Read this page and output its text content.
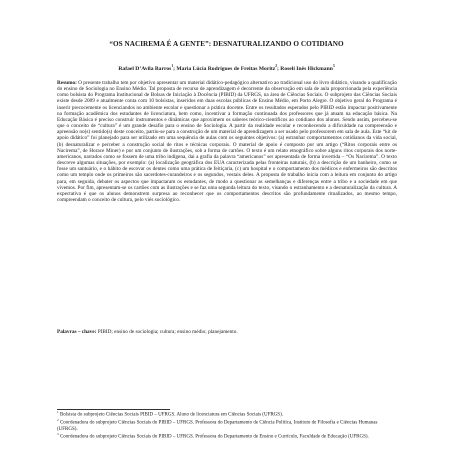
“OS NACIREMA É A GENTE”: DESNATURALIZANDO O COTIDIANO
Rafael D’Avila Barros$^1$; Maria Lúcia Rodrigues de Freitas Moritz$^2$; Roseli Inês Hickmann$^3$
Resumo: O presente trabalho tem por objetivo apresentar um material didático-pedagógico alternativo ao tradicional uso do livro didático, visando a qualificação do ensino de Sociologia no Ensino Médio. Tal proposta de recurso de aprendizagem é decorrente da observação em sala de aula proporcionada pela experiência como bolsista do Programa Institucional de Bolsas de Iniciação à Docência (PIBID) da UFRGS, na área de Ciências Sociais. O subprojeto das Ciências Sociais existe desde 2009 e atualmente conta com 10 bolsistas, inseridos em duas escolas públicas de Ensino Médio, em Porto Alegre. O objetivo geral do Programa é inserir precocemente os licenciandos no ambiente escolar e questionar a prática docente. Entre os resultados esperados pelo PIBID estão impactar positivamente na formação acadêmica dos estudantes de licenciatura, bem como, incentivar a formação continuada dos professores que já atuam na educação básica. Na Educação Básica é preciso construir instrumentos e dinâmicas que aproximem os saberes teórico-científicos ao cotidiano dos alunos. Sendo assim, percebeu-se que o conceito de “cultura” é um grande desafio para o ensino de Sociologia. A partir da realidade escolar e reconhecendo a dificuldade na compreensão e apreensão no(s) sentido(s) deste conceito, partiu-se para a construção de um material de aprendizagem a ser usado pelo professorem em sala de aula. Este “kit de apoio didático” foi planejado para ser utilizado em uma sequência de aulas com os seguintes objetivos: (a) estranhar comportamentos cotidianos da vida social, (b) desnaturalizar e perceber a construção social de ritos e técnicas corporais. O material de apoio é composto por um artigo (“Ritos corporais entre os Nacirema”, de Horace Miner) e por um conjunto de ilustrações, sob a forma de cartões. O texto é um relato etnográfico sobre alguns ritos corporais dos norte-americanos, narrados como se fossem de uma tribo indígena, dai a grafia da palavra “americanos” ser apresentada de forma invertida – “Os Nacirema”. O texto descreve algumas situações, por exemplo: (a) localização geográfica dos EUA caracterizada pelas fronteiras naturais, (b) a descrição de um banheiro, como se fosse um santuário, e o hábito de escovar os dentes como uma prática de feitiçaria, (c) um hospital e o comportamento dos médicos e enfermeiros são descritos como um templo onde os primeiros são sacerdotes-curandeiros e os segundos, vestais deles. A proposta de trabalho inicia com a leitura em conjunto do artigo para, em seguida, debater os aspectos que impactaram os estudantes, de modo a questionar as semelhanças e diferenças entre a tribo e a sociedade em que vivemos. Por fim, apresentam-se os cartões com as ilustrações e se faz uma segunda leitura do texto, visando o estranhamento e a desnaturalização da cultura. A expectativa é que os alunos demonstrem surpresa ao reconhecer que os comportamentos descritos são profundamente ritualizados, ao mesmo tempo, compreendam o conceito de cultura, pelo viés sociológico.
Palavras – chave: PIBID; ensino de sociologia; cultura; ensino médio; planejamento.

$^1$ Bolsista do subprojeto Ciências Sociais PIBID – UFRGS. Aluno de licenciatura em Ciências Sociais (UFRGS).

$^2$ Coordenadora do subprojeto Ciências Sociais do PIBID – UFRGS. Professora do Departamento de Ciência Política, Instituto de Filosofia e Ciências Humanas (UFRGS).

$^3$ Coordenadora do subprojeto Ciências Sociais do PIBID – UFRGS. Professora do Departamento de Ensino e Currículo, Faculdade de Educação (UFRGS).
